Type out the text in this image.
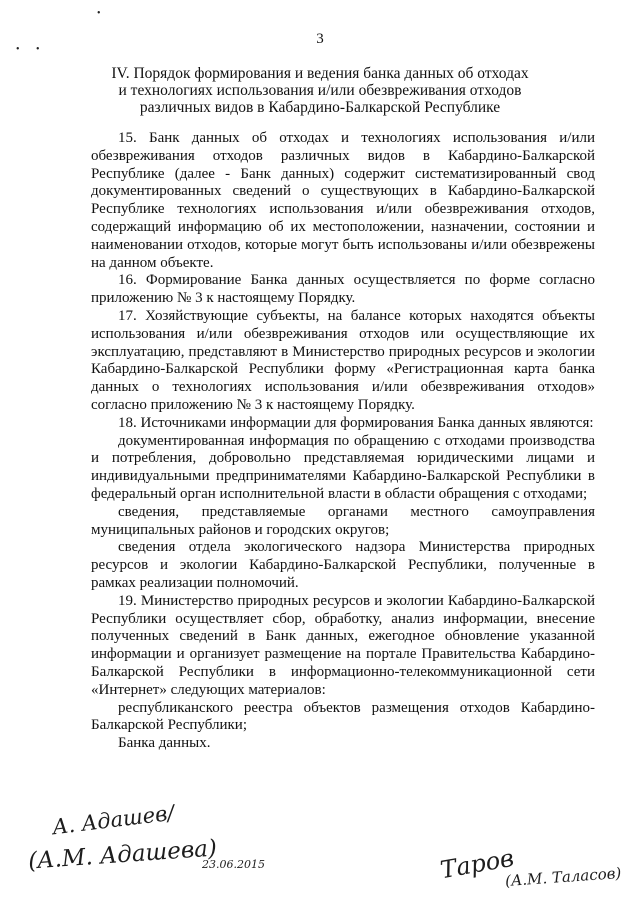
•
• •
3
IV. Порядок формирования и ведения банка данных об отходах
и технологиях использования и/или обезвреживания отходов
различных видов в Кабардино-Балкарской Республике

15. Банк данных об отходах и технологиях использования и/или обезвреживания отходов различных видов в Кабардино-Балкарской Республике (далее - Банк данных) содержит систематизированный свод документированных сведений о существующих в Кабардино-Балкарской Республике технологиях использования и/или обезвреживания отходов, содержащий информацию об их местоположении, назначении, состоянии и наименовании отходов, которые могут быть использованы и/или обезврежены на данном объекте.

16. Формирование Банка данных осуществляется по форме согласно приложению № 3 к настоящему Порядку.

17. Хозяйствующие субъекты, на балансе которых находятся объекты использования и/или обезвреживания отходов или осуществляющие их эксплуатацию, представляют в Министерство природных ресурсов и экологии Кабардино-Балкарской Республики форму «Регистрационная карта банка данных о технологиях использования и/или обезвреживания отходов» согласно приложению № 3 к настоящему Порядку.

18. Источниками информации для формирования Банка данных являются:

документированная информация по обращению с отходами производства и потребления, добровольно представляемая юридическими лицами и индивидуальными предпринимателями Кабардино-Балкарской Республики в федеральный орган исполнительной власти в области обращения с отходами;

сведения, представляемые органами местного самоуправления муниципальных районов и городских округов;

сведения отдела экологического надзора Министерства природных ресурсов и экологии Кабардино-Балкарской Республики, полученные в рамках реализации полномочий.

19. Министерство природных ресурсов и экологии Кабардино-Балкарской Республики осуществляет сбор, обработку, анализ информации, внесение полученных сведений в Банк данных, ежегодное обновление указанной информации и организует размещение на портале Правительства Кабардино-Балкарской Республики в информационно-телекоммуникационной сети «Интернет» следующих материалов:

республиканского реестра объектов размещения отходов Кабардино-Балкарской Республики;

Банка данных.

А. Адашев/
(А.М. Адашева)
23.06.2015	Таров
(А.М. Таласов)
